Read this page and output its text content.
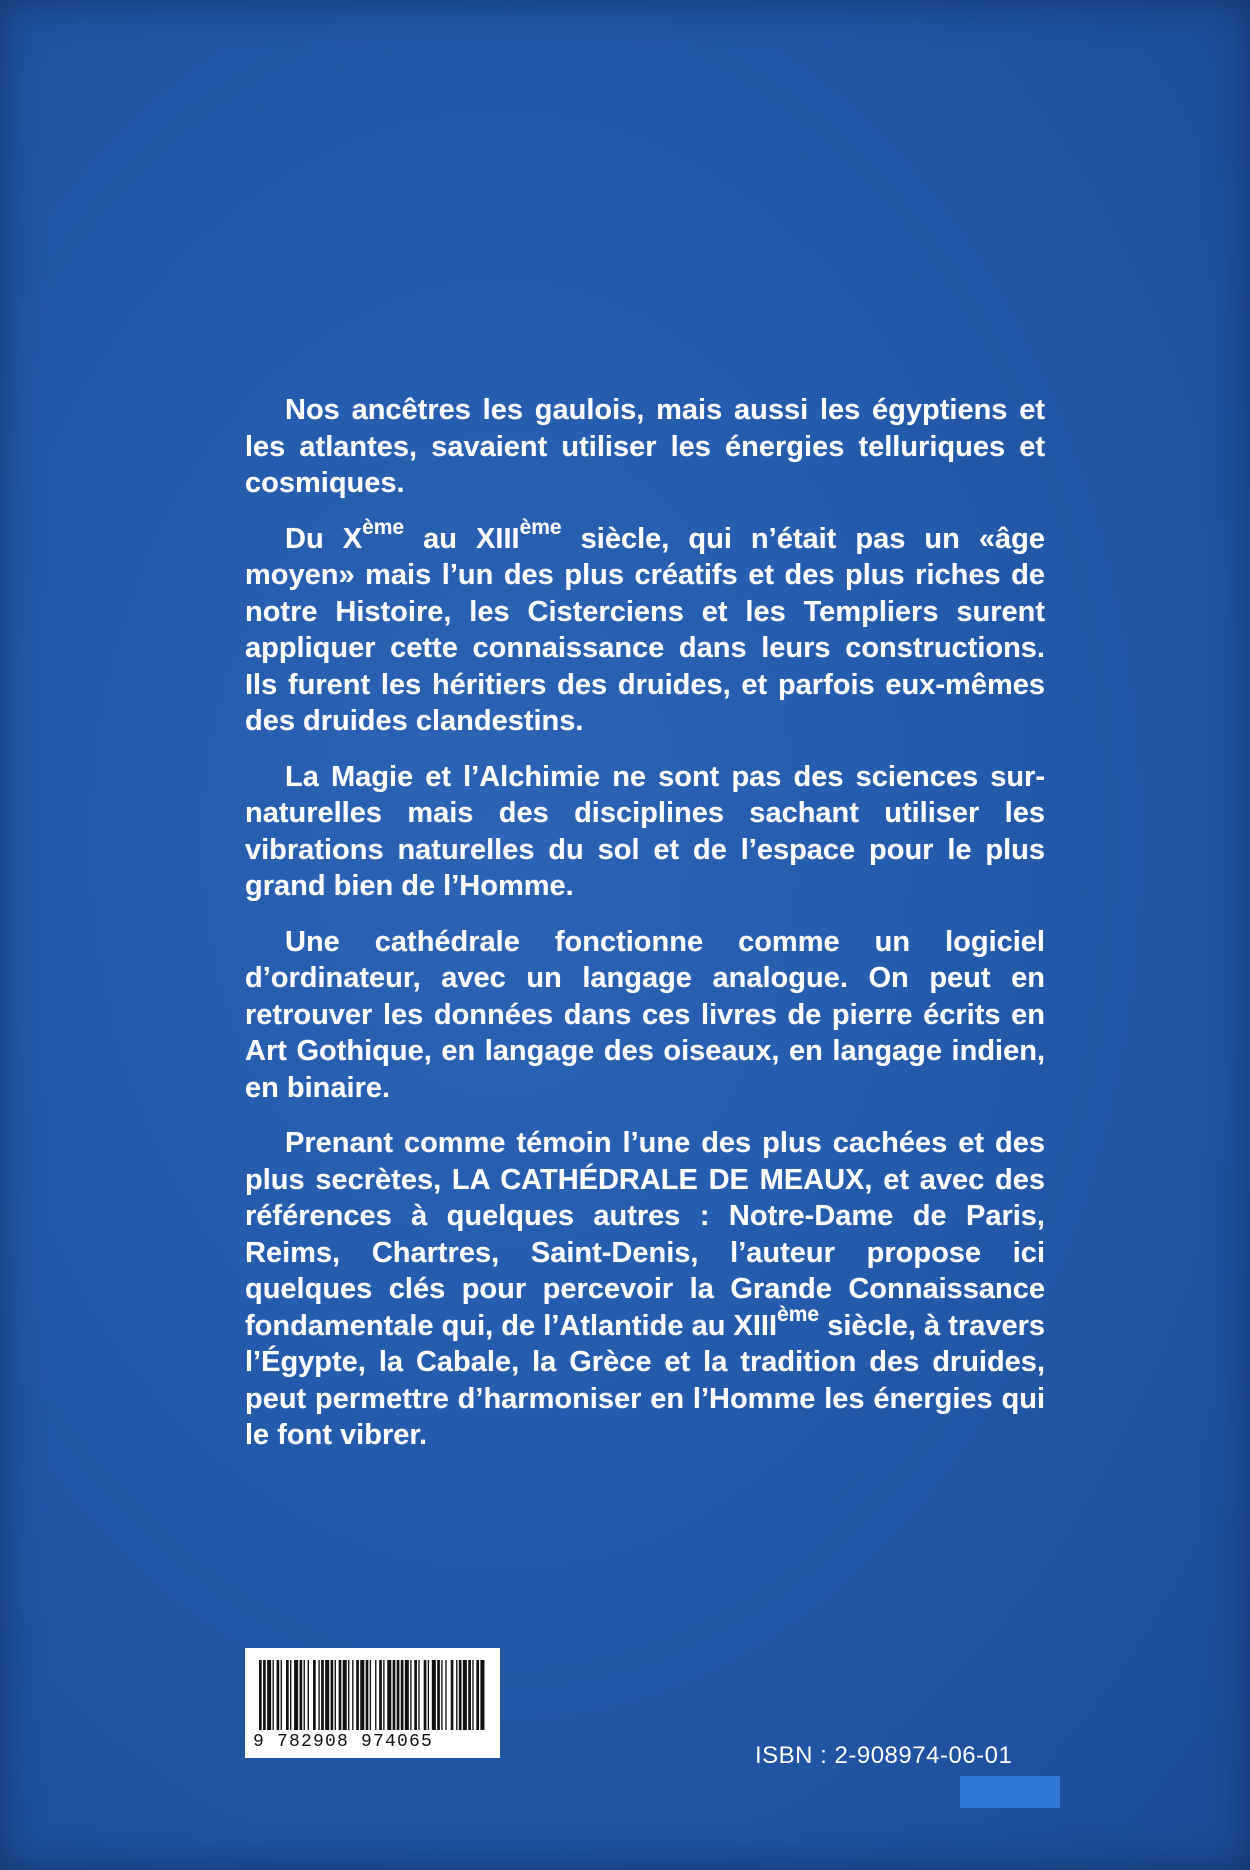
Nos ancêtres les gaulois, mais aussi les égyptiens et les atlantes, savaient utiliser les énergies telluriques et cosmiques.

Du Xème au XIIIème siècle, qui n’était pas un «âge moyen» mais l’un des plus créatifs et des plus riches de notre Histoire, les Cisterciens et les Templiers surent appliquer cette connaissance dans leurs constructions. Ils furent les héritiers des druides, et parfois eux-mêmes des druides clandestins.

La Magie et l’Alchimie ne sont pas des sciences sur-naturelles mais des disciplines sachant utiliser les vibrations naturelles du sol et de l’espace pour le plus grand bien de l’Homme.

Une cathédrale fonctionne comme un logiciel d’ordinateur, avec un langage analogue. On peut en retrouver les données dans ces livres de pierre écrits en Art Gothique, en langage des oiseaux, en langage indien, en binaire.

Prenant comme témoin l’une des plus cachées et des plus secrètes, LA CATHÉDRALE DE MEAUX, et avec des références à quelques autres : Notre-Dame de Paris, Reims, Chartres, Saint-Denis, l’auteur propose ici quelques clés pour percevoir la Grande Connaissance fondamentale qui, de l’Atlantide au XIIIème siècle, à travers l’Égypte, la Cabale, la Grèce et la tradition des druides, peut permettre d’harmoniser en l’Homme les énergies qui le font vibrer.

9 782908 974065	ISBN : 2-908974-06-01
